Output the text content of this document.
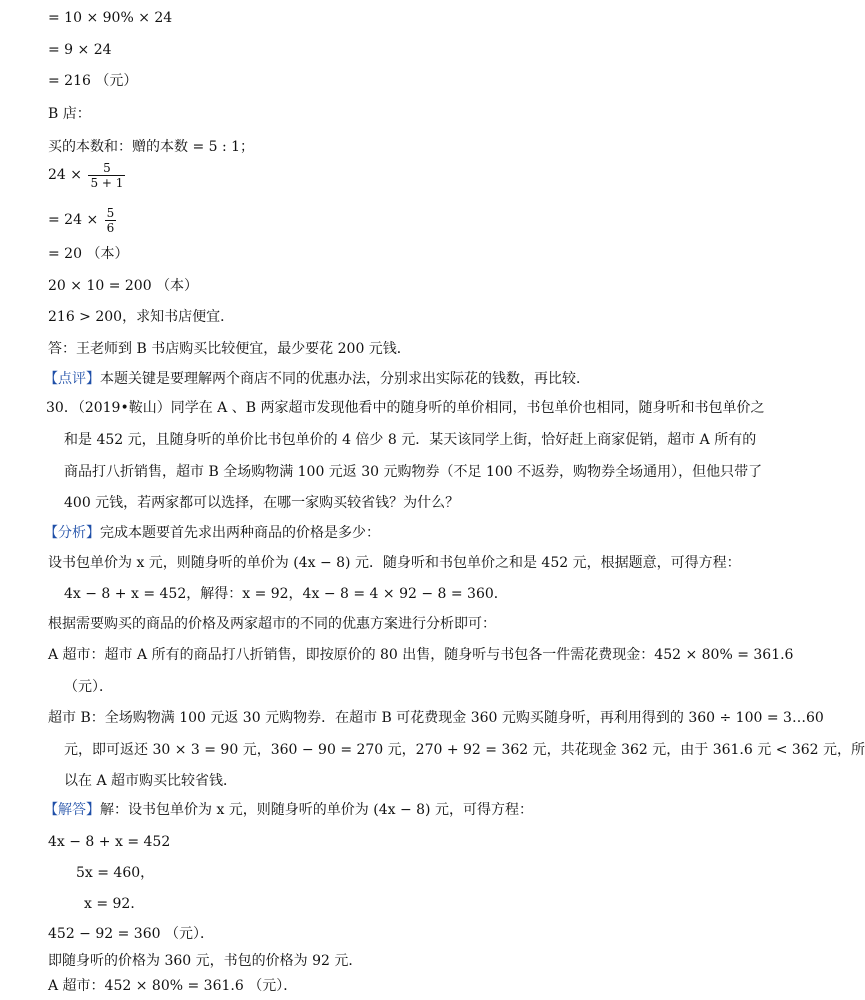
= 10 × 90% × 24
= 9 × 24
= 216 （元）
B 店：
买的本数和：赠的本数 = 5 : 1；
$24 \times \frac{5}{5 + 1}$
= $24 \times \frac{5}{6}$
= 20 （本）
20 × 10 = 200 （本）
216 > 200，求知书店便宜．
答：王老师到 B 书店购买比较便宜，最少要花 200 元钱．
【点评】本题关键是要理解两个商店不同的优惠办法，分别求出实际花的钱数，再比较．
30．（2019•鞍山）同学在 A 、B 两家超市发现他看中的随身听的单价相同，书包单价也相同，随身听和书包单价之
和是 452 元，且随身听的单价比书包单价的 4 倍少 8 元．某天该同学上街，恰好赶上商家促销，超市 A 所有的
商品打八折销售，超市 B 全场购物满 100 元返 30 元购物券（不足 100 不返券，购物券全场通用），但他只带了
400 元钱，若两家都可以选择，在哪一家购买较省钱？为什么？
【分析】完成本题要首先求出两种商品的价格是多少：
设书包单价为 x 元，则随身听的单价为 (4x − 8) 元．随身听和书包单价之和是 452 元，根据题意，可得方程：
4x − 8 + x = 452，解得：x = 92，4x − 8 = 4 × 92 − 8 = 360．
根据需要购买的商品的价格及两家超市的不同的优惠方案进行分析即可：
A 超市：超市 A 所有的商品打八折销售，即按原价的 80 出售，随身听与书包各一件需花费现金：452 × 80% = 361.6
（元）．
超市 B：全场购物满 100 元返 30 元购物券．在超市 B 可花费现金 360 元购买随身听，再利用得到的 360 ÷ 100 = 3…60
元，即可返还 30 × 3 = 90 元，360 − 90 = 270 元，270 + 92 = 362 元，共花现金 362 元，由于 361.6 元 < 362 元，所
以在 A 超市购买比较省钱．
【解答】解：设书包单价为 x 元，则随身听的单价为 (4x − 8) 元，可得方程：
4x − 8 + x = 452
5x = 460，
x = 92．
452 − 92 = 360 （元）．
即随身听的价格为 360 元，书包的价格为 92 元．
A 超市：452 × 80% = 361.6 （元）．
